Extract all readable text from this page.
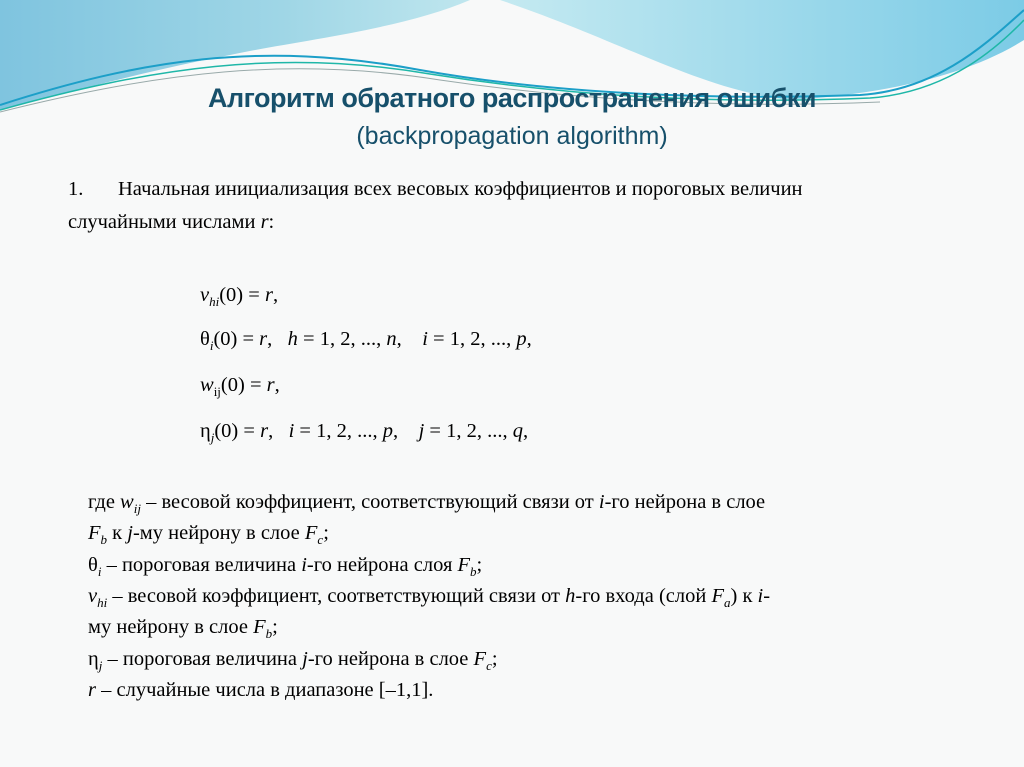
Алгоритм обратного распространения ошибки
(backpropagation algorithm)
1. Начальная инициализация всех весовых коэффициентов и пороговых величин
случайными числами r:
$v_{hi}(0) = r$,
$\theta_i(0) = r$,   h = 1, 2, ..., n,    i = 1, 2, ..., p,
$w_{ij}(0) = r$,
$\eta_j(0) = r$,   i = 1, 2, ..., p,    j = 1, 2, ..., q,
где $w_{ij}$ – весовой коэффициент, соответствующий связи от i-го нейрона в слое
$F_b$ к j-му нейрону в слое $F_c$;
$\theta_i$ – пороговая величина i-го нейрона слоя $F_b$;
$v_{hi}$ – весовой коэффициент, соответствующий связи от h-го входа (слой $F_a$) к i-
му нейрону в слое $F_b$;
$\eta_j$ – пороговая величина j-го нейрона в слое $F_c$;
r – случайные числа в диапазоне [–1,1].
